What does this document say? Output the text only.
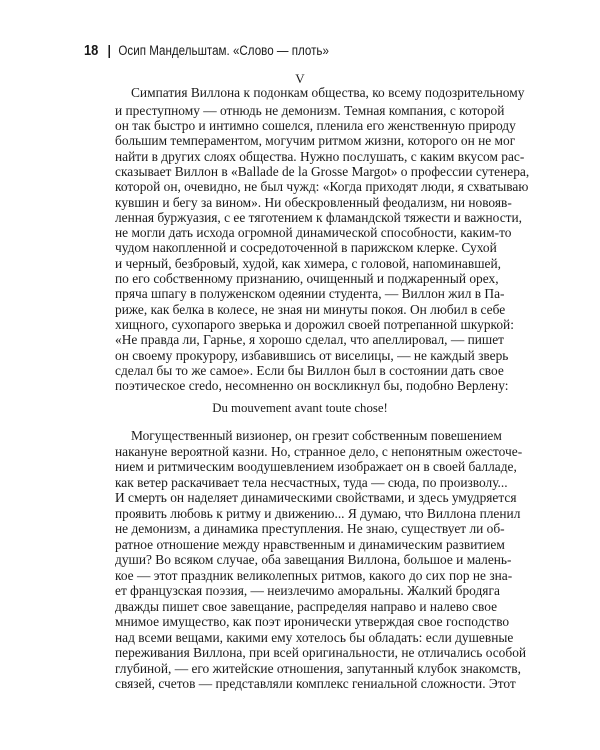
18 | Осип Мандельштам. «Слово — плоть»
V
Симпатия Виллона к подонкам общества, ко всему подозрительному
и преступному — отнюдь не демонизм. Темная компания, с которой
он так быстро и интимно сошелся, пленила его женственную природу
большим темпераментом, могучим ритмом жизни, которого он не мог
найти в других слоях общества. Нужно послушать, с каким вкусом рас-
сказывает Виллон в «Ballade de la Grosse Margot» о профессии сутенера,
которой он, очевидно, не был чужд: «Когда приходят люди, я схватываю
кувшин и бегу за вином». Ни обескровленный феодализм, ни новояв-
ленная буржуазия, с ее тяготением к фламандской тяжести и важности,
не могли дать исхода огромной динамической способности, каким-то
чудом накопленной и сосредоточенной в парижском клерке. Сухой
и черный, безбровый, худой, как химера, с головой, напоминавшей,
по его собственному признанию, очищенный и поджаренный орех,
пряча шпагу в полуженском одеянии студента, — Виллон жил в Па-
риже, как белка в колесе, не зная ни минуты покоя. Он любил в себе
хищного, сухопарого зверька и дорожил своей потрепанной шкуркой:
«Не правда ли, Гарнье, я хорошо сделал, что апеллировал, — пишет
он своему прокурору, избавившись от виселицы, — не каждый зверь
сделал бы то же самое». Если бы Виллон был в состоянии дать свое
поэтическое credo, несомненно он воскликнул бы, подобно Верлену:
Du mouvement avant toute chose!
Могущественный визионер, он грезит собственным повешением
накануне вероятной казни. Но, странное дело, с непонятным ожесточе-
нием и ритмическим воодушевлением изображает он в своей балладе,
как ветер раскачивает тела несчастных, туда — сюда, по произволу...
И смерть он наделяет динамическими свойствами, и здесь умудряется
проявить любовь к ритму и движению... Я думаю, что Виллона пленил
не демонизм, а динамика преступления. Не знаю, существует ли об-
ратное отношение между нравственным и динамическим развитием
души? Во всяком случае, оба завещания Виллона, большое и малень-
кое — этот праздник великолепных ритмов, какого до сих пор не зна-
ет французская поэзия, — неизлечимо аморальны. Жалкий бродяга
дважды пишет свое завещание, распределяя направо и налево свое
мнимое имущество, как поэт иронически утверждая свое господство
над всеми вещами, какими ему хотелось бы обладать: если душевные
переживания Виллона, при всей оригинальности, не отличались особой
глубиной, — его житейские отношения, запутанный клубок знакомств,
связей, счетов — представляли комплекс гениальной сложности. Этот
